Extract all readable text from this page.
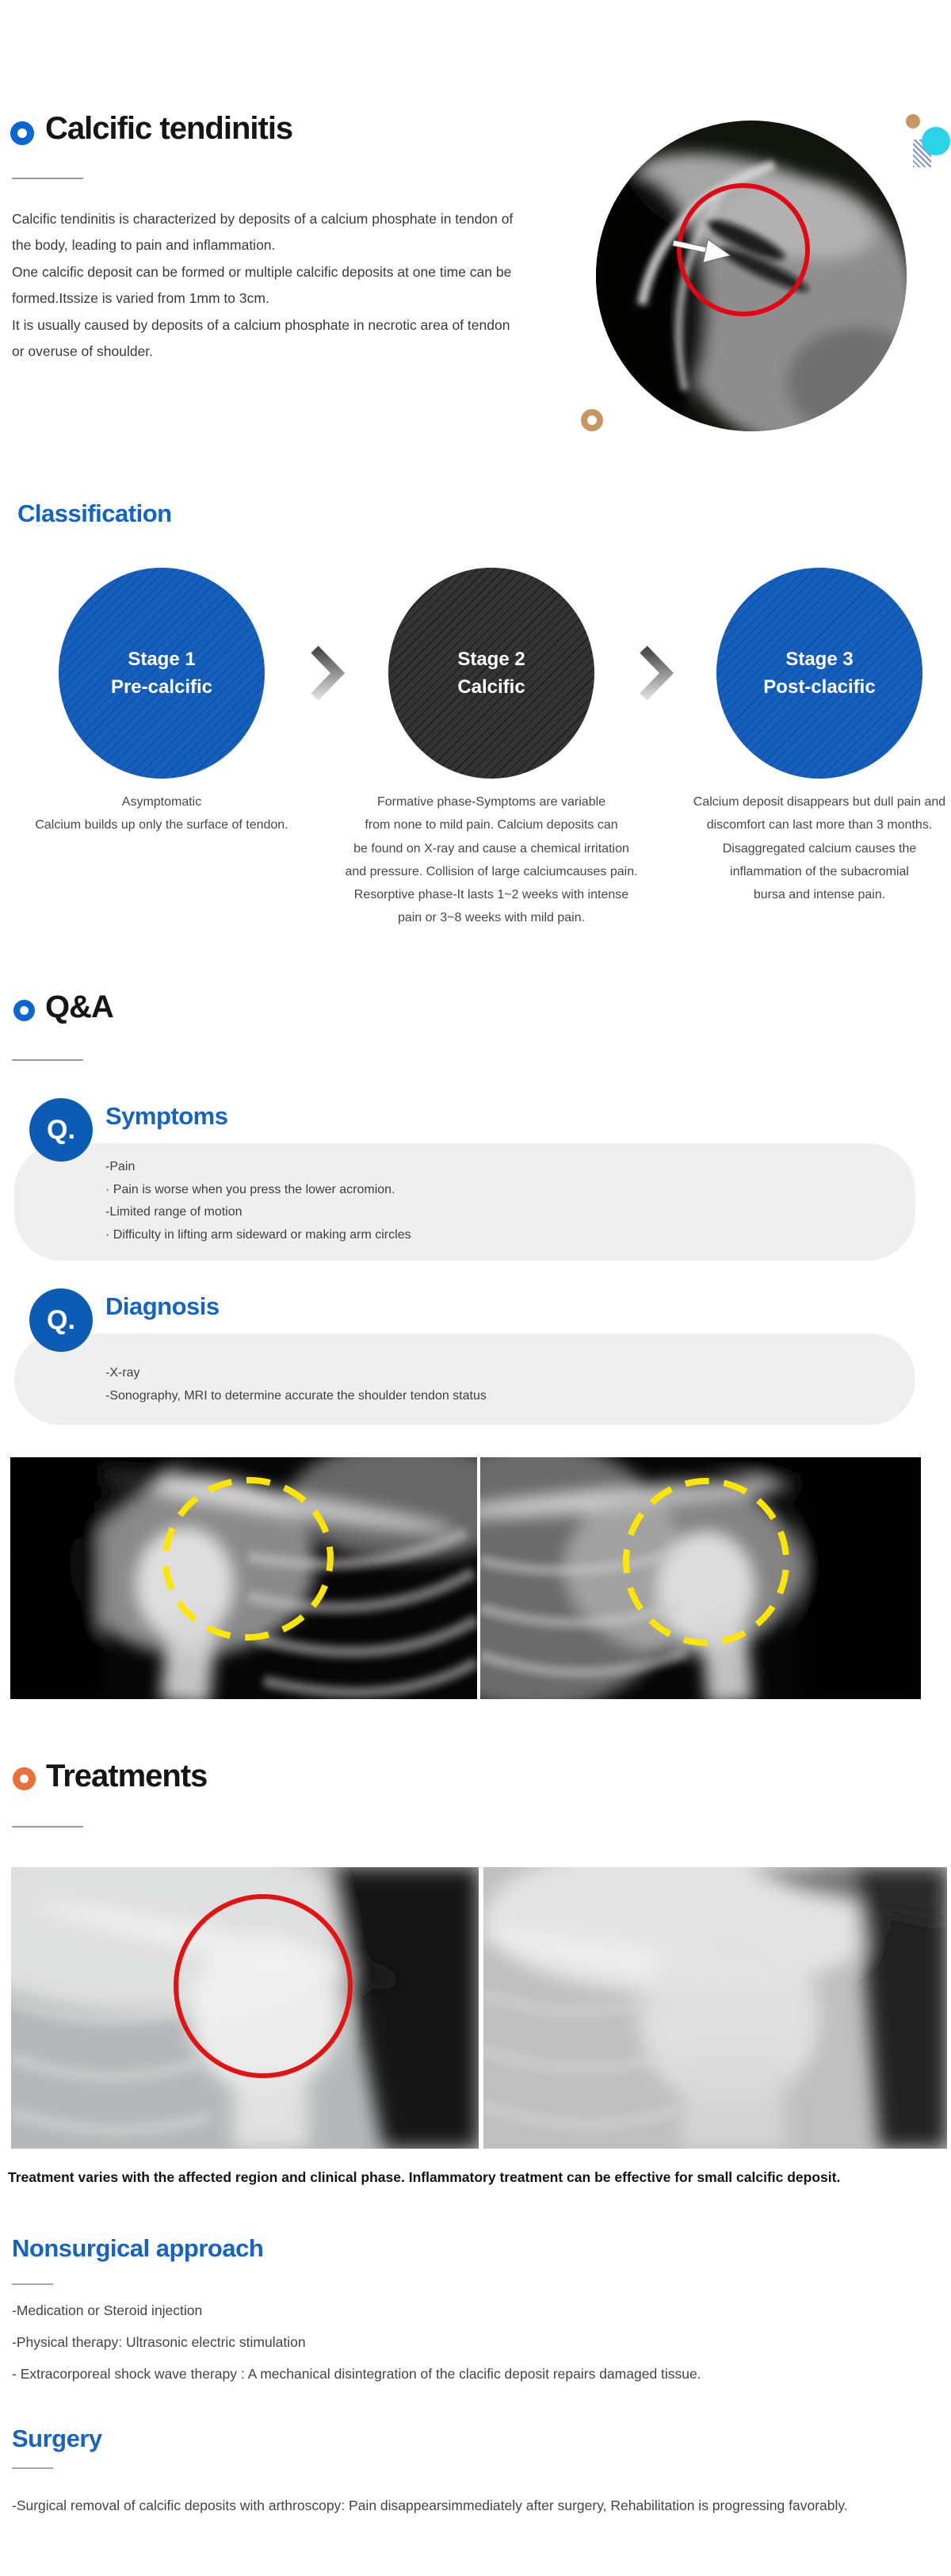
Calcific tendinitis
Calcific tendinitis is characterized by deposits of a calcium phosphate in tendon of
the body, leading to pain and inflammation.
One calcific deposit can be formed or multiple calcific deposits at one time can be
formed.Itssize is varied from 1mm to 3cm.
It is usually caused by deposits of a calcium phosphate in necrotic area of tendon
or overuse of shoulder.
Classification
Stage 1
Pre-calcific
Stage 2
Calcific
Stage 3
Post-clacific
Asymptomatic
Calcium builds up only the surface of tendon.
Formative phase-Symptoms are variable
from none to mild pain. Calcium deposits can
be found on X-ray and cause a chemical irritation
and pressure. Collision of large calciumcauses pain.
Resorptive phase-It lasts 1~2 weeks with intense
pain or 3~8 weeks with mild pain.
Calcium deposit disappears but dull pain and
discomfort can last more than 3 months.
Disaggregated calcium causes the
inflammation of the subacromial
bursa and intense pain.
Q&A
-Pain
· Pain is worse when you press the lower acromion.
-Limited range of motion
· Difficulty in lifting arm sideward or making arm circles
Q. Symptoms
-X-ray
-Sonography, MRI to determine accurate the shoulder tendon status
Q. Diagnosis
Treatments
Treatment varies with the affected region and clinical phase. Inflammatory treatment can be effective for small calcific deposit.
Nonsurgical approach
-Medication or Steroid injection
-Physical therapy: Ultrasonic electric stimulation
- Extracorporeal shock wave therapy : A mechanical disintegration of the clacific deposit repairs damaged tissue.
Surgery
-Surgical removal of calcific deposits with arthroscopy: Pain disappearsimmediately after surgery, Rehabilitation is progressing favorably.
